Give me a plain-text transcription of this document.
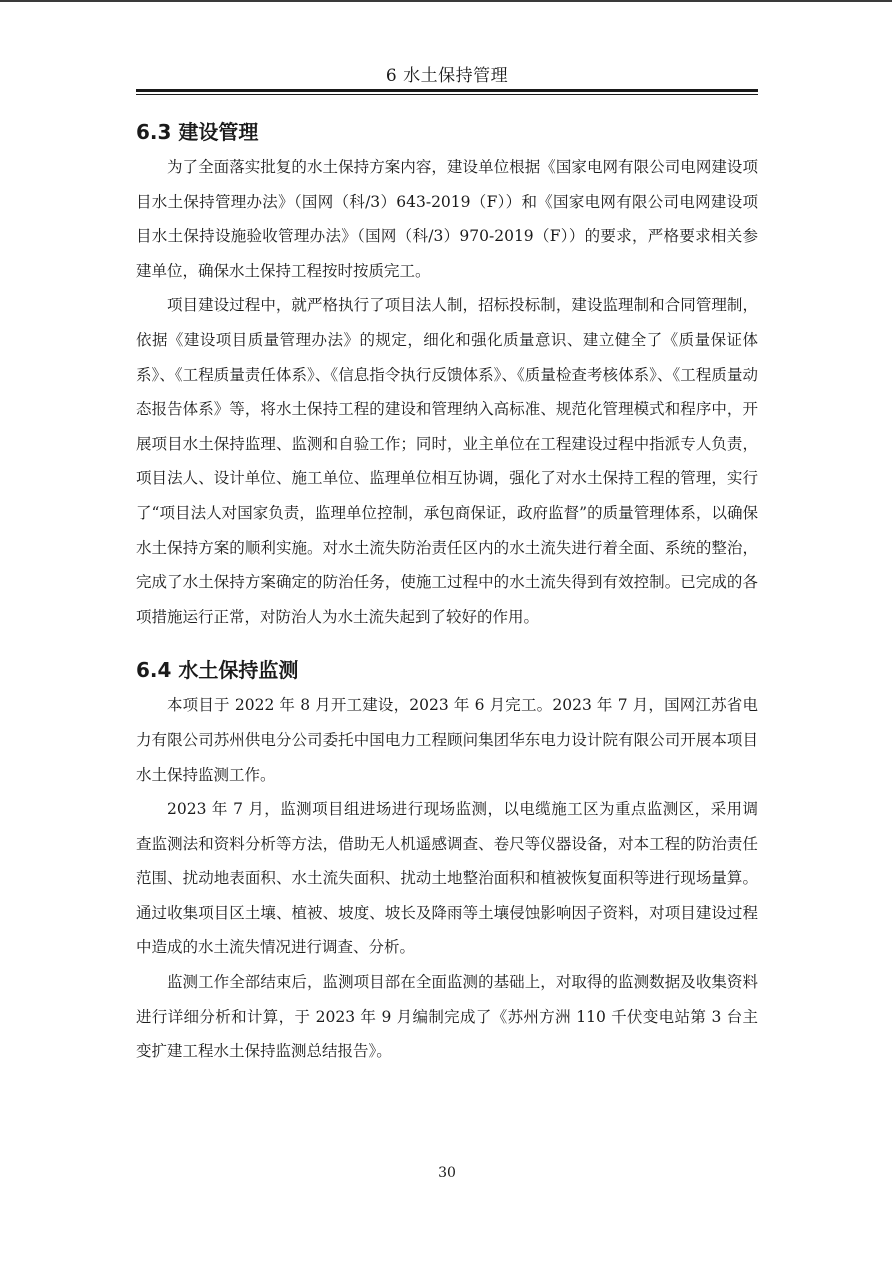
6 水土保持管理
6.3 建设管理

为了全面落实批复的水土保持方案内容，建设单位根据《国家电网有限公司电网建设项目水土保持管理办法》（国网（科/3）643-2019（F））和《国家电网有限公司电网建设项目水土保持设施验收管理办法》（国网（科/3）970-2019（F））的要求，严格要求相关参建单位，确保水土保持工程按时按质完工。

项目建设过程中，就严格执行了项目法人制，招标投标制，建设监理制和合同管理制，依据《建设项目质量管理办法》的规定，细化和强化质量意识、建立健全了《质量保证体系》、《工程质量责任体系》、《信息指令执行反馈体系》、《质量检查考核体系》、《工程质量动态报告体系》等，将水土保持工程的建设和管理纳入高标准、规范化管理模式和程序中，开展项目水土保持监理、监测和自验工作；同时，业主单位在工程建设过程中指派专人负责，项目法人、设计单位、施工单位、监理单位相互协调，强化了对水土保持工程的管理，实行了“项目法人对国家负责，监理单位控制，承包商保证，政府监督”的质量管理体系，以确保水土保持方案的顺利实施。对水土流失防治责任区内的水土流失进行着全面、系统的整治，完成了水土保持方案确定的防治任务，使施工过程中的水土流失得到有效控制。已完成的各项措施运行正常，对防治人为水土流失起到了较好的作用。

6.4 水土保持监测

本项目于 2022 年 8 月开工建设，2023 年 6 月完工。2023 年 7 月，国网江苏省电力有限公司苏州供电分公司委托中国电力工程顾问集团华东电力设计院有限公司开展本项目水土保持监测工作。

2023 年 7 月，监测项目组进场进行现场监测，以电缆施工区为重点监测区，采用调查监测法和资料分析等方法，借助无人机遥感调查、卷尺等仪器设备，对本工程的防治责任范围、扰动地表面积、水土流失面积、扰动土地整治面积和植被恢复面积等进行现场量算。通过收集项目区土壤、植被、坡度、坡长及降雨等土壤侵蚀影响因子资料，对项目建设过程中造成的水土流失情况进行调查、分析。

监测工作全部结束后，监测项目部在全面监测的基础上，对取得的监测数据及收集资料进行详细分析和计算，于 2023 年 9 月编制完成了《苏州方洲 110 千伏变电站第 3 台主变扩建工程水土保持监测总结报告》。

30
